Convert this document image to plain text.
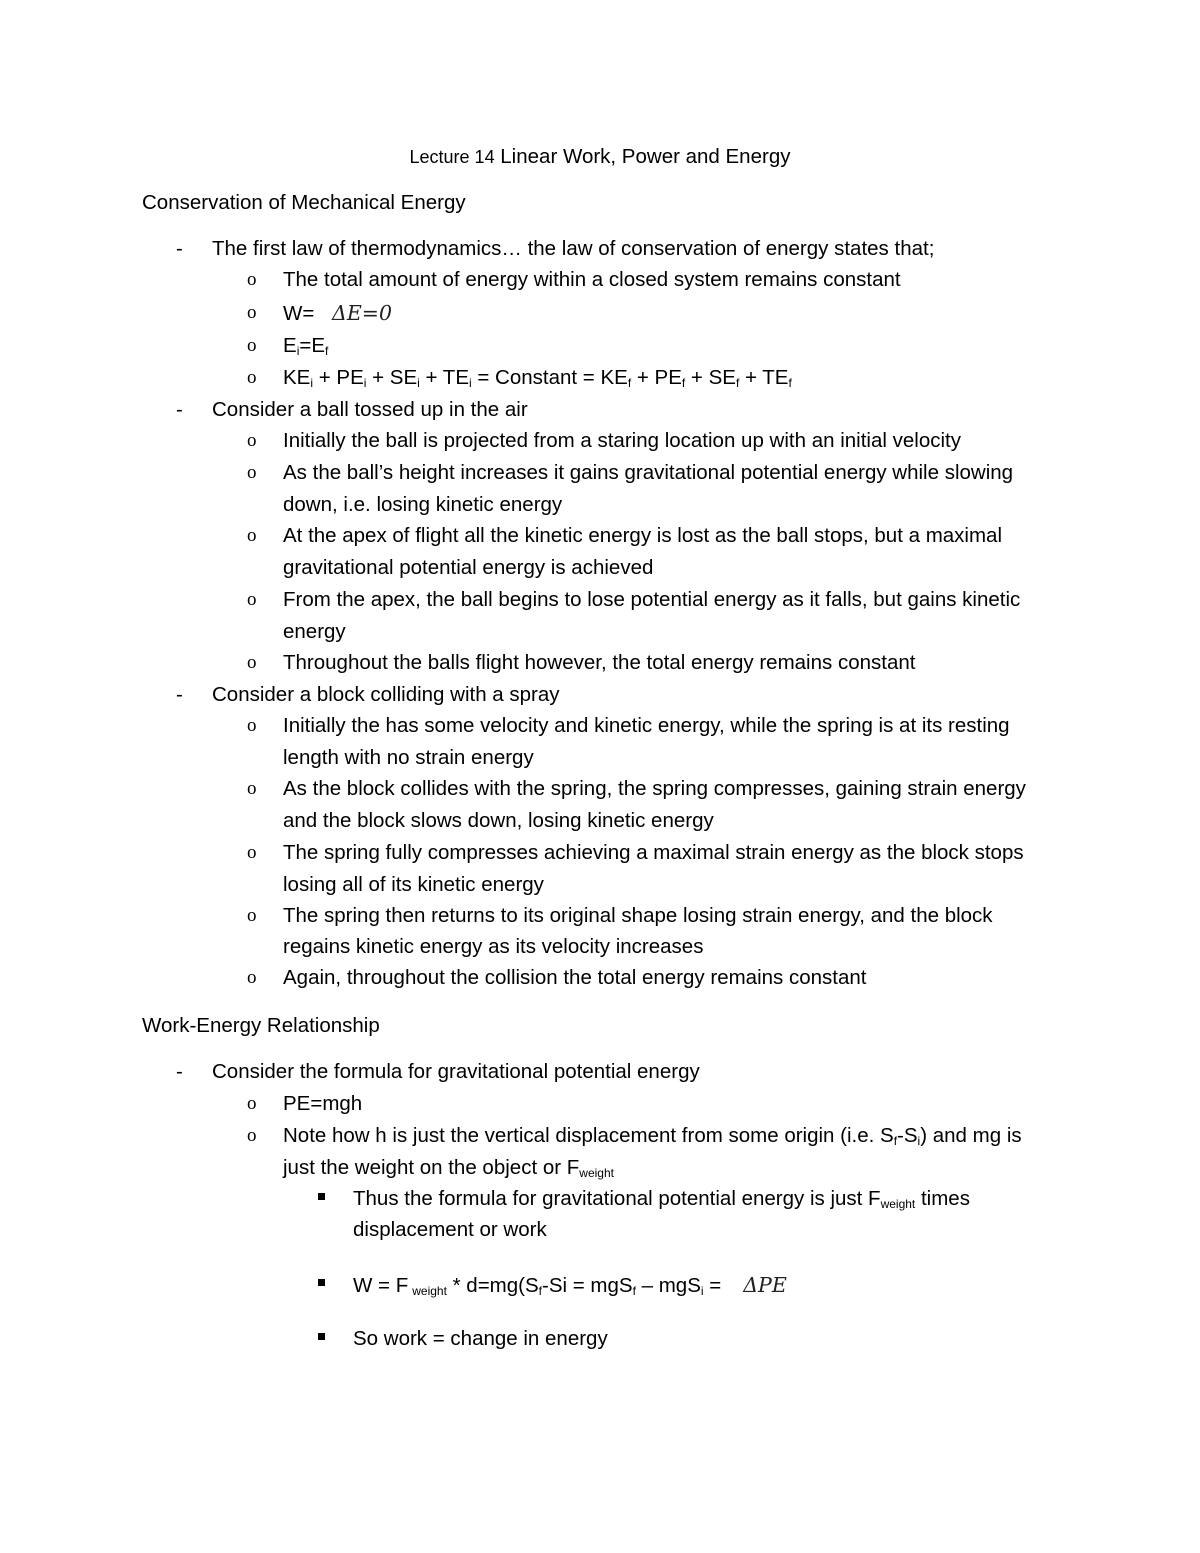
Lecture 14 Linear Work, Power and Energy
Conservation of Mechanical Energy
- The first law of thermodynamics… the law of conservation of energy states that;
o The total amount of energy within a closed system remains constant
o W= ΔE=0
o $E_i=E_f$
o $KE_i + PE_i + SE_i + TE_i$ = Constant = $KE_f + PE_f + SE_f + TE_f$
- Consider a ball tossed up in the air
o Initially the ball is projected from a staring location up with an initial velocity
o As the ball’s height increases it gains gravitational potential energy while slowing
down, i.e. losing kinetic energy
o At the apex of flight all the kinetic energy is lost as the ball stops, but a maximal
gravitational potential energy is achieved
o From the apex, the ball begins to lose potential energy as it falls, but gains kinetic
energy
o Throughout the balls flight however, the total energy remains constant
- Consider a block colliding with a spray
o Initially the has some velocity and kinetic energy, while the spring is at its resting
length with no strain energy
o As the block collides with the spring, the spring compresses, gaining strain energy
and the block slows down, losing kinetic energy
o The spring fully compresses achieving a maximal strain energy as the block stops
losing all of its kinetic energy
o The spring then returns to its original shape losing strain energy, and the block
regains kinetic energy as its velocity increases
o Again, throughout the collision the total energy remains constant
Work-Energy Relationship
- Consider the formula for gravitational potential energy
o PE=mgh
o Note how h is just the vertical displacement from some origin (i.e. $S_f-S_i$) and mg is
just the weight on the object or $F_{weight}$
Thus the formula for gravitational potential energy is just $F_{weight}$ times
displacement or work
W = F $_{weight} * d=mg(S_f-Si = mgS_f - mgS_i = \Delta PE$
So work = change in energy
